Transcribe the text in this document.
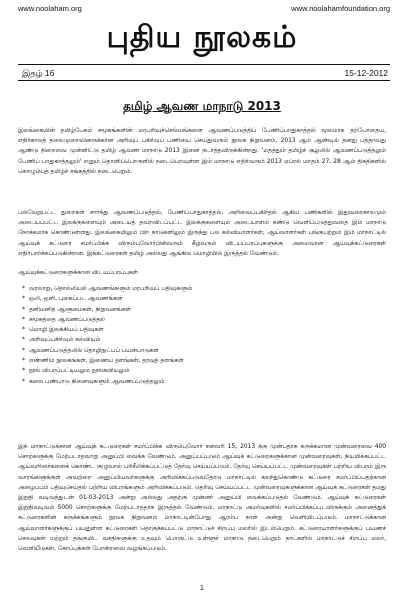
www.noolaham.org	www.noolahamfoundation.org
புதிய நூலகம்
இதழ் 16	15-12-2012
தமிழ் ஆவண மாநாடு 2013

இலங்கையின் தமிழ்பேசும் சமூகங்களின் மரபறிவுச்செல்வங்களை ஆவணப்படுத்திப் பேணிப்பாதுகாத்தல் மூலமாக தற்போதைய, எதிர்காலத் தலைமுறையினருக்கான அறிவுப் பகிர்வுப் பணியை செய்துவரும் நூலக நிறுவனம், 2013 ஆம் ஆண்டில் தனது பத்தாவது ஆண்டு நிறைவை முன்னிட்டு தமிழ் ஆவண மாநாடு 2013 இனை நடாத்தவிருக்கின்றது. 'மதத்தும் தமிழ்ச் சூழலில் ஆவணப்படுத்தலும் பேணிப் பாதுகாத்தலும்' எனும் தொனிப்பொருளில் நடைபெறவுள்ள இம் மாநாடு எதிர்வரும் 2013 ஏப்ரல் மாதம் 27, 28 ஆம் திகதிகளில் கொழும்புத் தமிழ்ச் சங்கத்தில் நடைபெறும்.

பல்வேறுபட்ட துறைகள் சார்ந்து ஆவணப்படுத்தல், பேணிப்பாதுகாத்தல், அறிவைப்பகிர்தல் ஆகிய பணிகளில் இதுவரைகாலமும் அடையப்பட்ட இலக்குகளையும் அடையத் தவறவிடப்பட்ட இலக்குகளையும் அடையாளம் கண்டு வெளிப்படுத்துவதை இம் மாநாடு நோக்கமாக கொண்டுள்ளது. இலங்கையிலும் பிற நாடுகளிலும் இருந்து பல கல்வியாளர்கள், ஆய்வாளர்கள் பங்குபற்றும் இம் மாநாட்டில் ஆய்வுக் கட்டுரை சமர்ப்பிக்க விரும்புவோர்பின்வரும் கீழ்வரும் விடயப்பரப்புகளுக்கு அமைவான ஆய்வுக்கட்டுரைகள் எதிர்பார்க்கப்படுகின்றன. இக்கட்டுரைகள் தமிழ் அல்லது ஆங்கில மொழியில் இருத்தல் வேண்டும்.

ஆய்வுக்கட்டுரைகளுக்கான விடயப்பரப்புகள்

* வரலாறு, தொல்லியல் ஆவணங்களும் மரபறிவுப் பதிவுகளும்
* ஒலி, ஒளி, புகைப்பட ஆவணங்கள்
* தனிமனித ஆளுமைகள், நிறுவனங்கள்
* சமூகத்தை ஆவணப்படுத்தல்
* மொழி இலக்கியப் பதிவுகள்
* அறிவுப்பகிர்வும் கல்வியும்
* ஆவணப்படுத்தலில் தொழிநுட்பப் பயன்பாடுகள்
* எண்ணிம நூலகங்கள், இணைய தளங்கள், தரவுத் தளங்கள்
* நூல் விபரப்பட்டியலும் நூலகவியலும்
* கலை பண்பாடு நினைவுகளும் ஆவணப்படுத்தலும்

இந் மாநாட்டுக்கான ஆய்வுக் கட்டுரைகள் சமர்ப்பிக்க விரும்புவோர் சனவரி 15, 2013 க்கு முன்பதாக சுருக்கமான முன்வரைவை 400 சொற்களுக்கு மேற்படாதவாறு அனுப்பி வைக்க வேண்டும். அனுப்பப்படும் ஆய்வுக் கட்டுரைகளுக்கான முன்வரைவுகள், நியமிக்கப்பட்ட ஆய்வறிஞர்களைக் கொண்ட குழுவால் பரிசீலிக்கப்பட்டுத் தேர்வு செய்யப்படும். தேர்வு செய்யப்பட்ட முன்வரைவுகள் பற்றிய விபரம் இரு வாரங்களுக்குள் அவற்றை அனுப்பியவர்களுக்கு அறிவிக்கப்படுவதோடு மாநாட்டில் கலந்துகொண்டு கட்டுரை சமர்ப்பிப்பதற்கான அழைப்பும் பதிவுசெய்தல் பற்றிய விபரங்களும் அறிவிக்கப்படும். தெரிவு செய்யப்பட்ட முன்வரைவுகளுக்கான ஆய்வுக் கட்டுரைகள் தமது இறுதி வடிவத்துடன் 01-03-2013 அன்று அல்லது அதற்கு முன்னர் அனுப்பி வைக்கப்படுதல் வேண்டும். ஆய்வுக் கட்டுரைகள் இறுதிவடிவம் 5000 சொற்களுக்கு மேற்படாததாக இருத்தல் வேண்டும். மாநாட்டு அமர்வுகளில் சமர்ப்பிக்கப்படவிருக்கும் அனைத்துக் கட்டுரைகளின் சுருக்கங்களும் நூலக நிறுவனம் மாநாட்டின்போது ஆரம்ப நாள் அன்று வெளியிடப்படும். மாநாட்டுக்கான ஆய்வாளர்களுக்குப் பயனுள்ள கட்டுரைகள் தொகுக்கப்பட்டு மாநாட்டுச் சிறப்பு மலரில் இடம்பெறும். கட்டுரையாளர்களுக்குப் பயணச் செலவுகள் மற்றும் தங்குமிட வசதிகளுக்கு உதவும் பொருட்டு உள்ளூர் மாநாடு நடைபெறும் நாட்களில் மாநாட்டுச் சிறப்பு மலர், வெளியீடுகள், கோப்புக்கள் போன்றவை வழங்கப்படும்.

1
